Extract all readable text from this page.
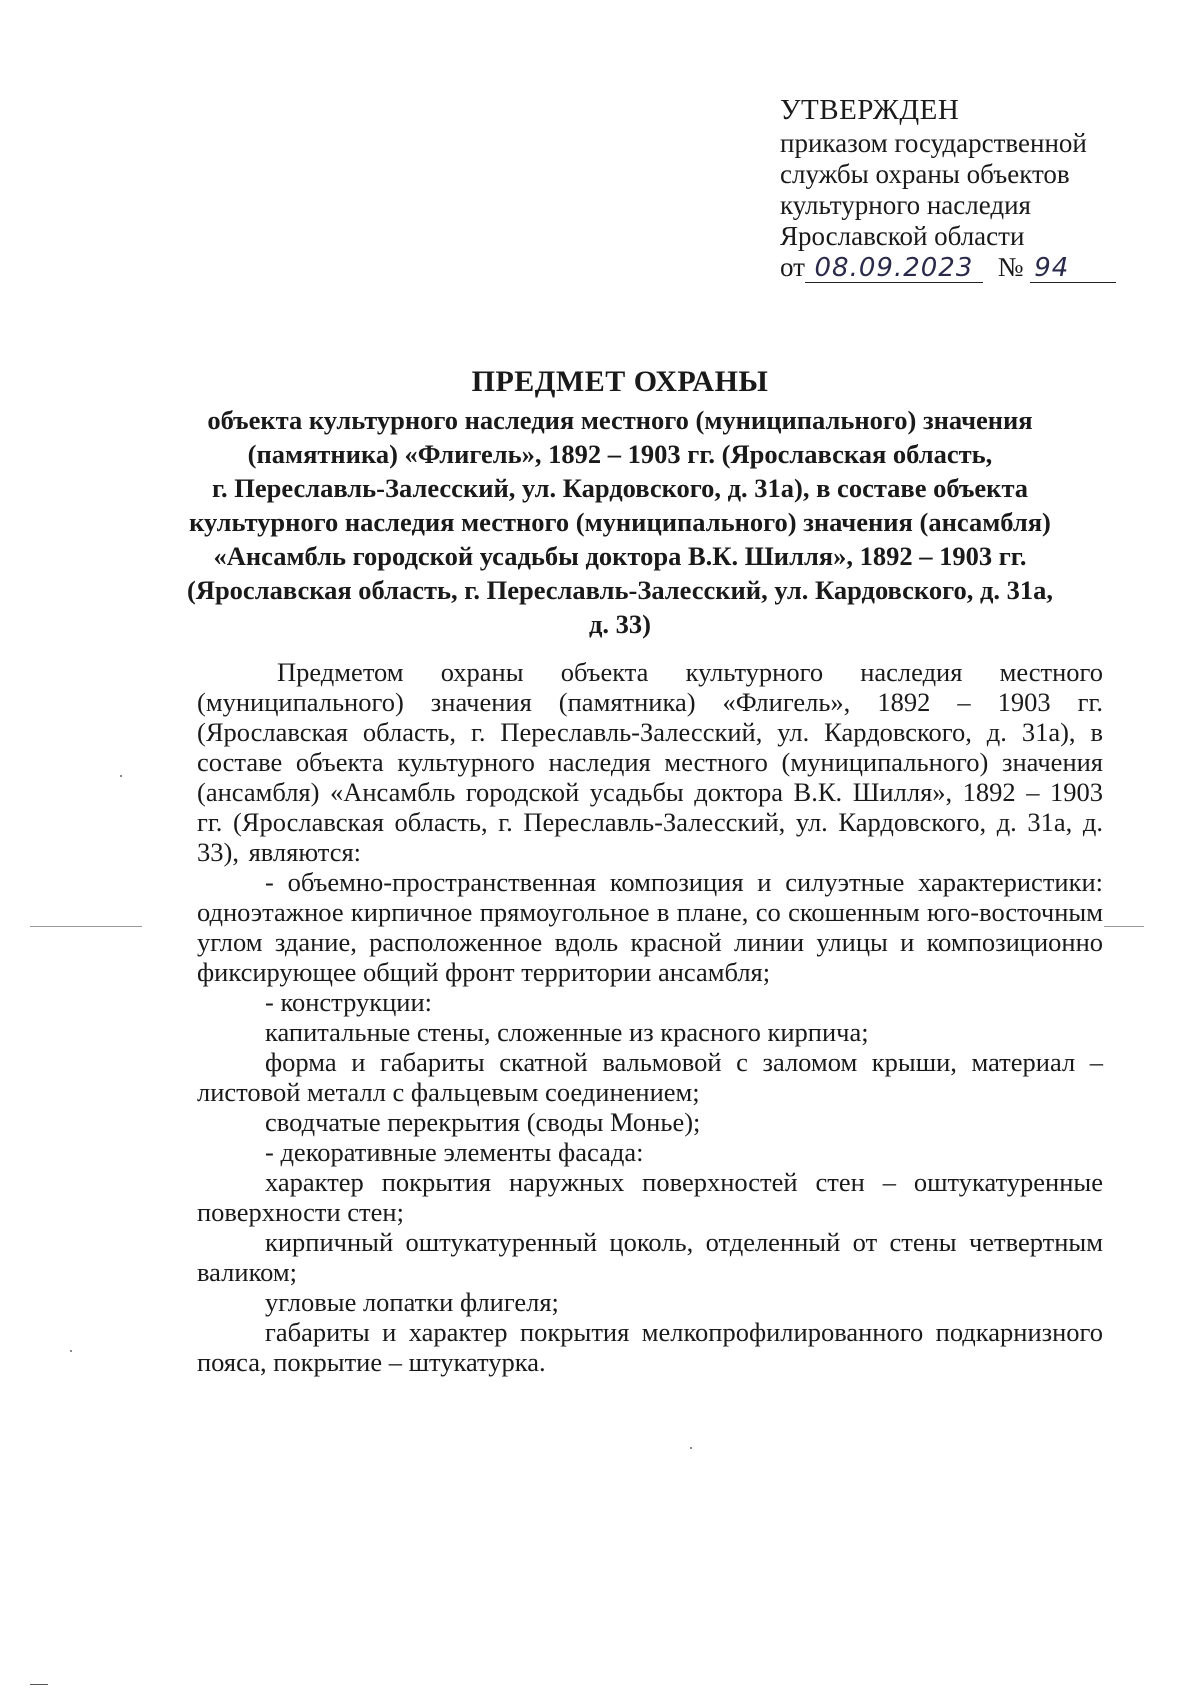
УТВЕРЖДЕН
приказом государственной
службы охраны объектов
культурного наследия
Ярославской области
от 08.09.2023 № 94
ПРЕДМЕТ ОХРАНЫ
объекта культурного наследия местного (муниципального) значения
(памятника) «Флигель», 1892 – 1903 гг. (Ярославская область,
г. Переславль-Залесский, ул. Кардовского, д. 31а), в составе объекта
культурного наследия местного (муниципального) значения (ансамбля)
«Ансамбль городской усадьбы доктора В.К. Шилля», 1892 – 1903 гг.
(Ярославская область, г. Переславль-Залесский, ул. Кардовского, д. 31а,
д. 33)

Предметом охраны объекта культурного наследия местного (муниципального) значения (памятника) «Флигель», 1892 – 1903 гг. (Ярославская область, г. Переславль-Залесский, ул. Кардовского, д. 31а), в составе объекта культурного наследия местного (муниципального) значения (ансамбля) «Ансамбль городской усадьбы доктора В.К. Шилля», 1892 – 1903 гг. (Ярославская область, г. Переславль-Залесский, ул. Кардовского, д. 31а, д. 33), являются:

- объемно-пространственная композиция и силуэтные характеристики: одноэтажное кирпичное прямоугольное в плане, со скошенным юго-восточным углом здание, расположенное вдоль красной линии улицы и композиционно фиксирующее общий фронт территории ансамбля;

- конструкции:

капитальные стены, сложенные из красного кирпича;

форма и габариты скатной вальмовой с заломом крыши, материал – листовой металл с фальцевым соединением;

сводчатые перекрытия (своды Монье);

- декоративные элементы фасада:

характер покрытия наружных поверхностей стен – оштукатуренные поверхности стен;

кирпичный оштукатуренный цоколь, отделенный от стены четвертным валиком;

угловые лопатки флигеля;

габариты и характер покрытия мелкопрофилированного подкарнизного пояса, покрытие – штукатурка.
